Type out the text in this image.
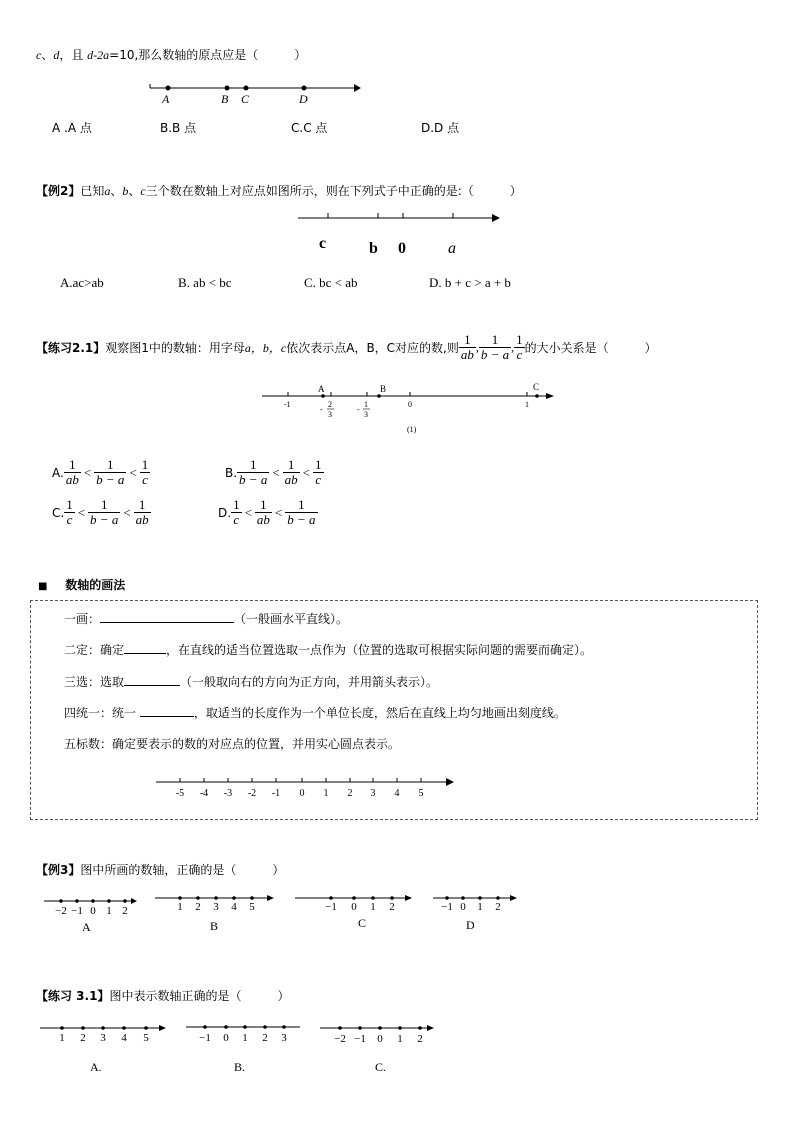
c、d，且 d-2a=10,那么数轴的原点应是（　　　）
A	B C	D
A .A 点	B.B 点	C.C 点	D.D 点
【例2】已知a、b、c三个数在数轴上对应点如图所示，则在下列式子中正确的是:（　　　）
c	b 0	a
A.ac>ab	B. ab < bc	C. bc < ab	D. b + c > a + b
【练习2.1】 观察图1中的数轴：用字母 a，b，c 依次表示点A，B，C对应的数,则 $\frac{1}{ab}$ , $\frac{1}{b - a}$ , $\frac{1}{c}$ 的大小关系是（　　　）
A	B	C
-1
-
2
3
-
1
3
0	1
(1)
A. $\frac{1}{ab} < \frac{1}{b - a} < \frac{1}{c}$	B. $\frac{1}{b - a} < \frac{1}{ab} < \frac{1}{c}$
C. $\frac{1}{c} < \frac{1}{b - a} < \frac{1}{ab}$	D. $\frac{1}{c} < \frac{1}{ab} < \frac{1}{b - a}$
■ 数轴的画法
一画：	（一般画水平直线）。
二定：确定	，在直线的适当位置选取一点作为（位置的选取可根据实际问题的需要而确定）。
三选：选取	（一般取向右的方向为正方向，并用箭头表示）。
四统一：统一	，取适当的长度作为一个单位长度，然后在直线上均匀地画出刻度线。
五标数：确定要表示的数的对应点的位置，并用实心圆点表示。
-5 -4 -3 -2 -1 0 1 2 3 4 5
【例3】图中所画的数轴，正确的是（　　　）
−2 −1 0 1 2	1 2 3 4 5	−1 0 1 2	−1 0 1 2
A	B	C	D
【练习 3.1】图中表示数轴正确的是（　　　）
1 2 3 4 5	−1 0 1 2 3	−2 −1 0 1 2
A.	B.	C.
